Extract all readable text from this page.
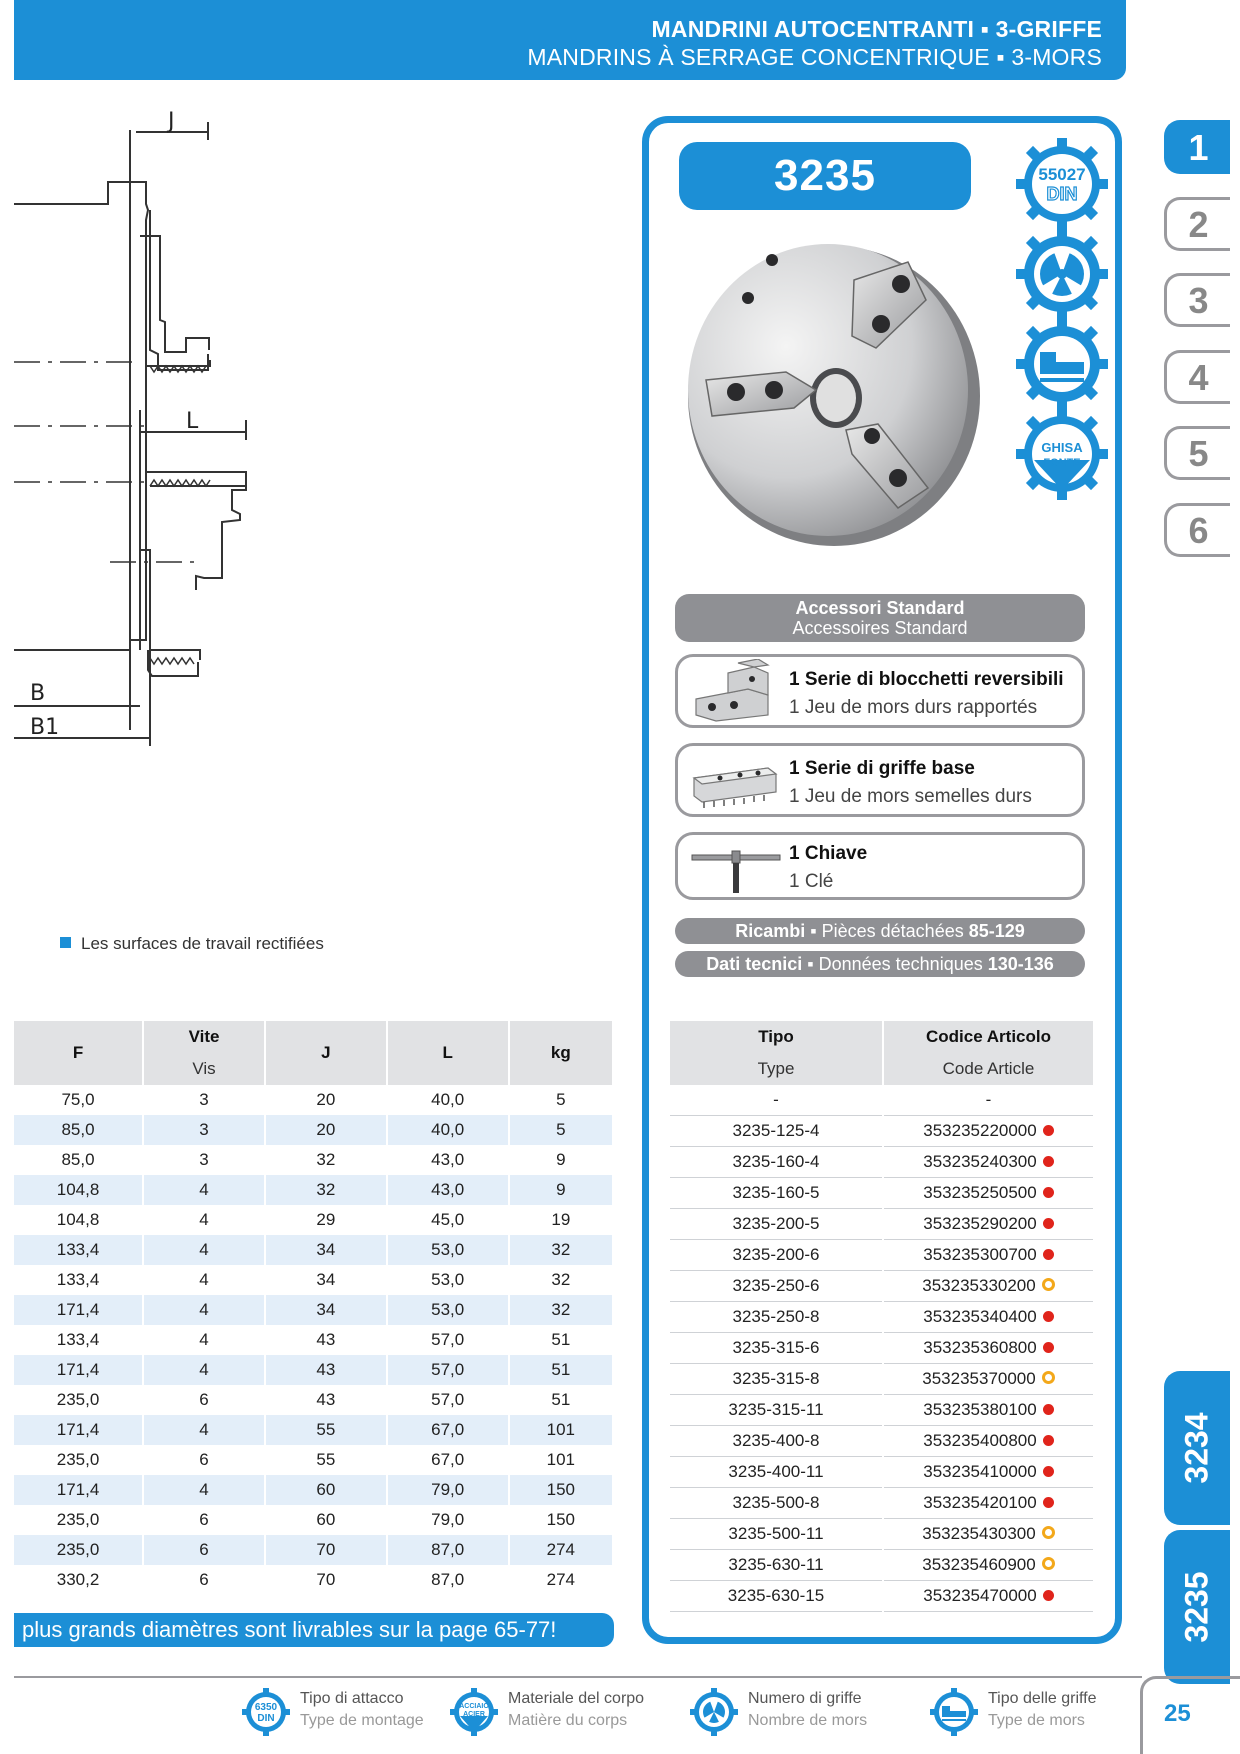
MANDRINI AUTOCENTRANTI ▪ 3-GRIFFE
MANDRINS À SERRAGE CONCENTRIQUE ▪ 3-MORS
J
L
B
B1
Les surfaces de travail rectifiées
3235	55027
DIN
GHISA
FONTE
Accessori Standard
Accessoires Standard
1 Serie di blocchetti reversibili
1 Jeu de mors durs rapportés
1 Serie di griffe base
1 Jeu de mors semelles durs
1 Chiave
1 Clé
Ricambi ▪ Pièces détachées 85-129
Dati tecnici ▪ Données techniques 130-136
F	Vite	J	L	kg
	Vis			
75,0	3	20	40,0	5
85,0	3	20	40,0	5
85,0	3	32	43,0	9
104,8	4	32	43,0	9
104,8	4	29	45,0	19
133,4	4	34	53,0	32
133,4	4	34	53,0	32
171,4	4	34	53,0	32
133,4	4	43	57,0	51
171,4	4	43	57,0	51
235,0	6	43	57,0	51
171,4	4	55	67,0	101
235,0	6	55	67,0	101
171,4	4	60	79,0	150
235,0	6	60	79,0	150
235,0	6	70	87,0	274
330,2	6	70	87,0	274
Tipo	Codice Articolo
Type	Code Article
-	-
3235-125-4	353235220000
3235-160-4	353235240300
3235-160-5	353235250500
3235-200-5	353235290200
3235-200-6	353235300700
3235-250-6	353235330200
3235-250-8	353235340400
3235-315-6	353235360800
3235-315-8	353235370000
3235-315-11	353235380100
3235-400-8	353235400800
3235-400-11	353235410000
3235-500-8	353235420100
3235-500-11	353235430300
3235-630-11	353235460900
3235-630-15	353235470000
plus grands diamètres sont livrables sur la page 65-77!
1
2
3
4
5
6
3234
3235
6350
DIN
Tipo di attacco
Type de montage
ACCIAIO
ACIER
Materiale del corpo
Matière du corps
Numero di griffe
Nombre de mors
Tipo delle griffe
Type de mors	25
